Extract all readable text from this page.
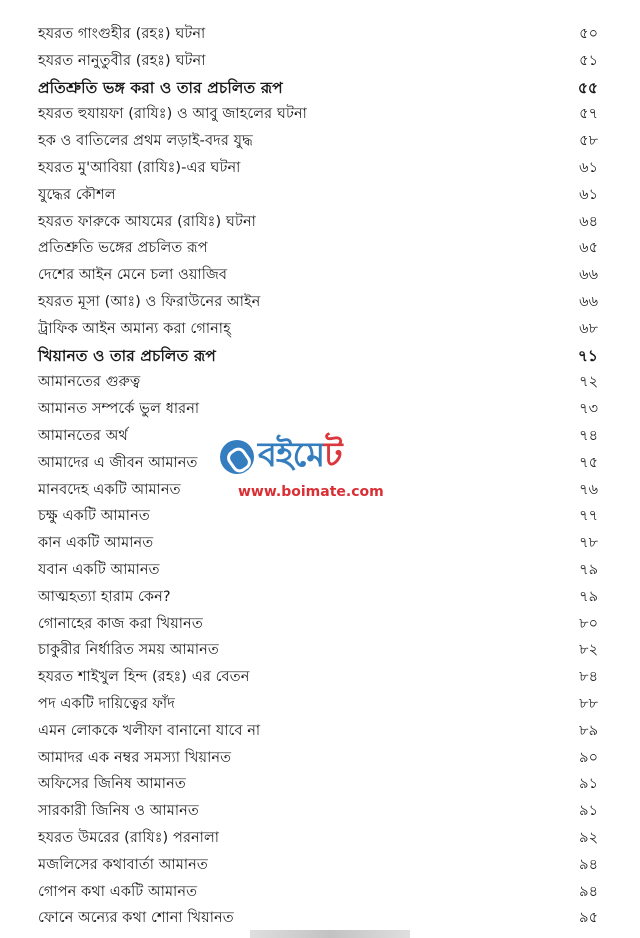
হযরত গাংগুহীর (রহঃ) ঘটনা	৫০
হযরত নানুতুবীর (রহঃ) ঘটনা	৫১
প্রতিশ্রুতি ভঙ্গ করা ও তার প্রচলিত রূপ	৫৫
হযরত হুযায়ফা (রাযিঃ) ও আবু জাহলের ঘটনা	৫৭
হক ও বাতিলের প্রথম লড়াই-বদর যুদ্ধ	৫৮
হযরত মু'আবিয়া (রাযিঃ)-এর ঘটনা	৬১
যুদ্ধের কৌশল	৬১
হযরত ফারুকে আযমের (রাযিঃ) ঘটনা	৬৪
প্রতিশ্রুতি ভঙ্গের প্রচলিত রূপ	৬৫
দেশের আইন মেনে চলা ওয়াজিব	৬৬
হযরত মূসা (আঃ) ও ফিরাউনের আইন	৬৬
ট্রাফিক আইন অমান্য করা গোনাহ্	৬৮
খিয়ানত ও তার প্রচলিত রূপ	৭১
আমানতের গুরুত্ব	৭২
আমানত সম্পর্কে ভুল ধারনা	৭৩
আমানতের অর্থ	৭৪
আমাদের এ জীবন আমানত	৭৫
মানবদেহ একটি আমানত	৭৬
চক্ষু একটি আমানত	৭৭
কান একটি আমানত	৭৮
যবান একটি আমানত	৭৯
আত্মহত্যা হারাম কেন?	৭৯
গোনাহের কাজ করা খিয়ানত	৮০
চাকুরীর নির্ধারিত সময় আমানত	৮২
হযরত শাইখুল হিন্দ (রহঃ) এর বেতন	৮৪
পদ একটি দায়িত্বের ফাঁদ	৮৮
এমন লোককে খলীফা বানানো যাবে না	৮৯
আমাদর এক নম্বর সমস্যা খিয়ানত	৯০
অফিসের জিনিষ আমানত	৯১
সারকারী জিনিষ ও আমানত	৯১
হযরত উমরের (রাযিঃ) পরনালা	৯২
মজলিসের কথাবার্তা আমানত	৯৪
গোপন কথা একটি আমানত	৯৪
ফোনে অন্যের কথা শোনা খিয়ানত	৯৫
বইমেট
www.boimate.com
